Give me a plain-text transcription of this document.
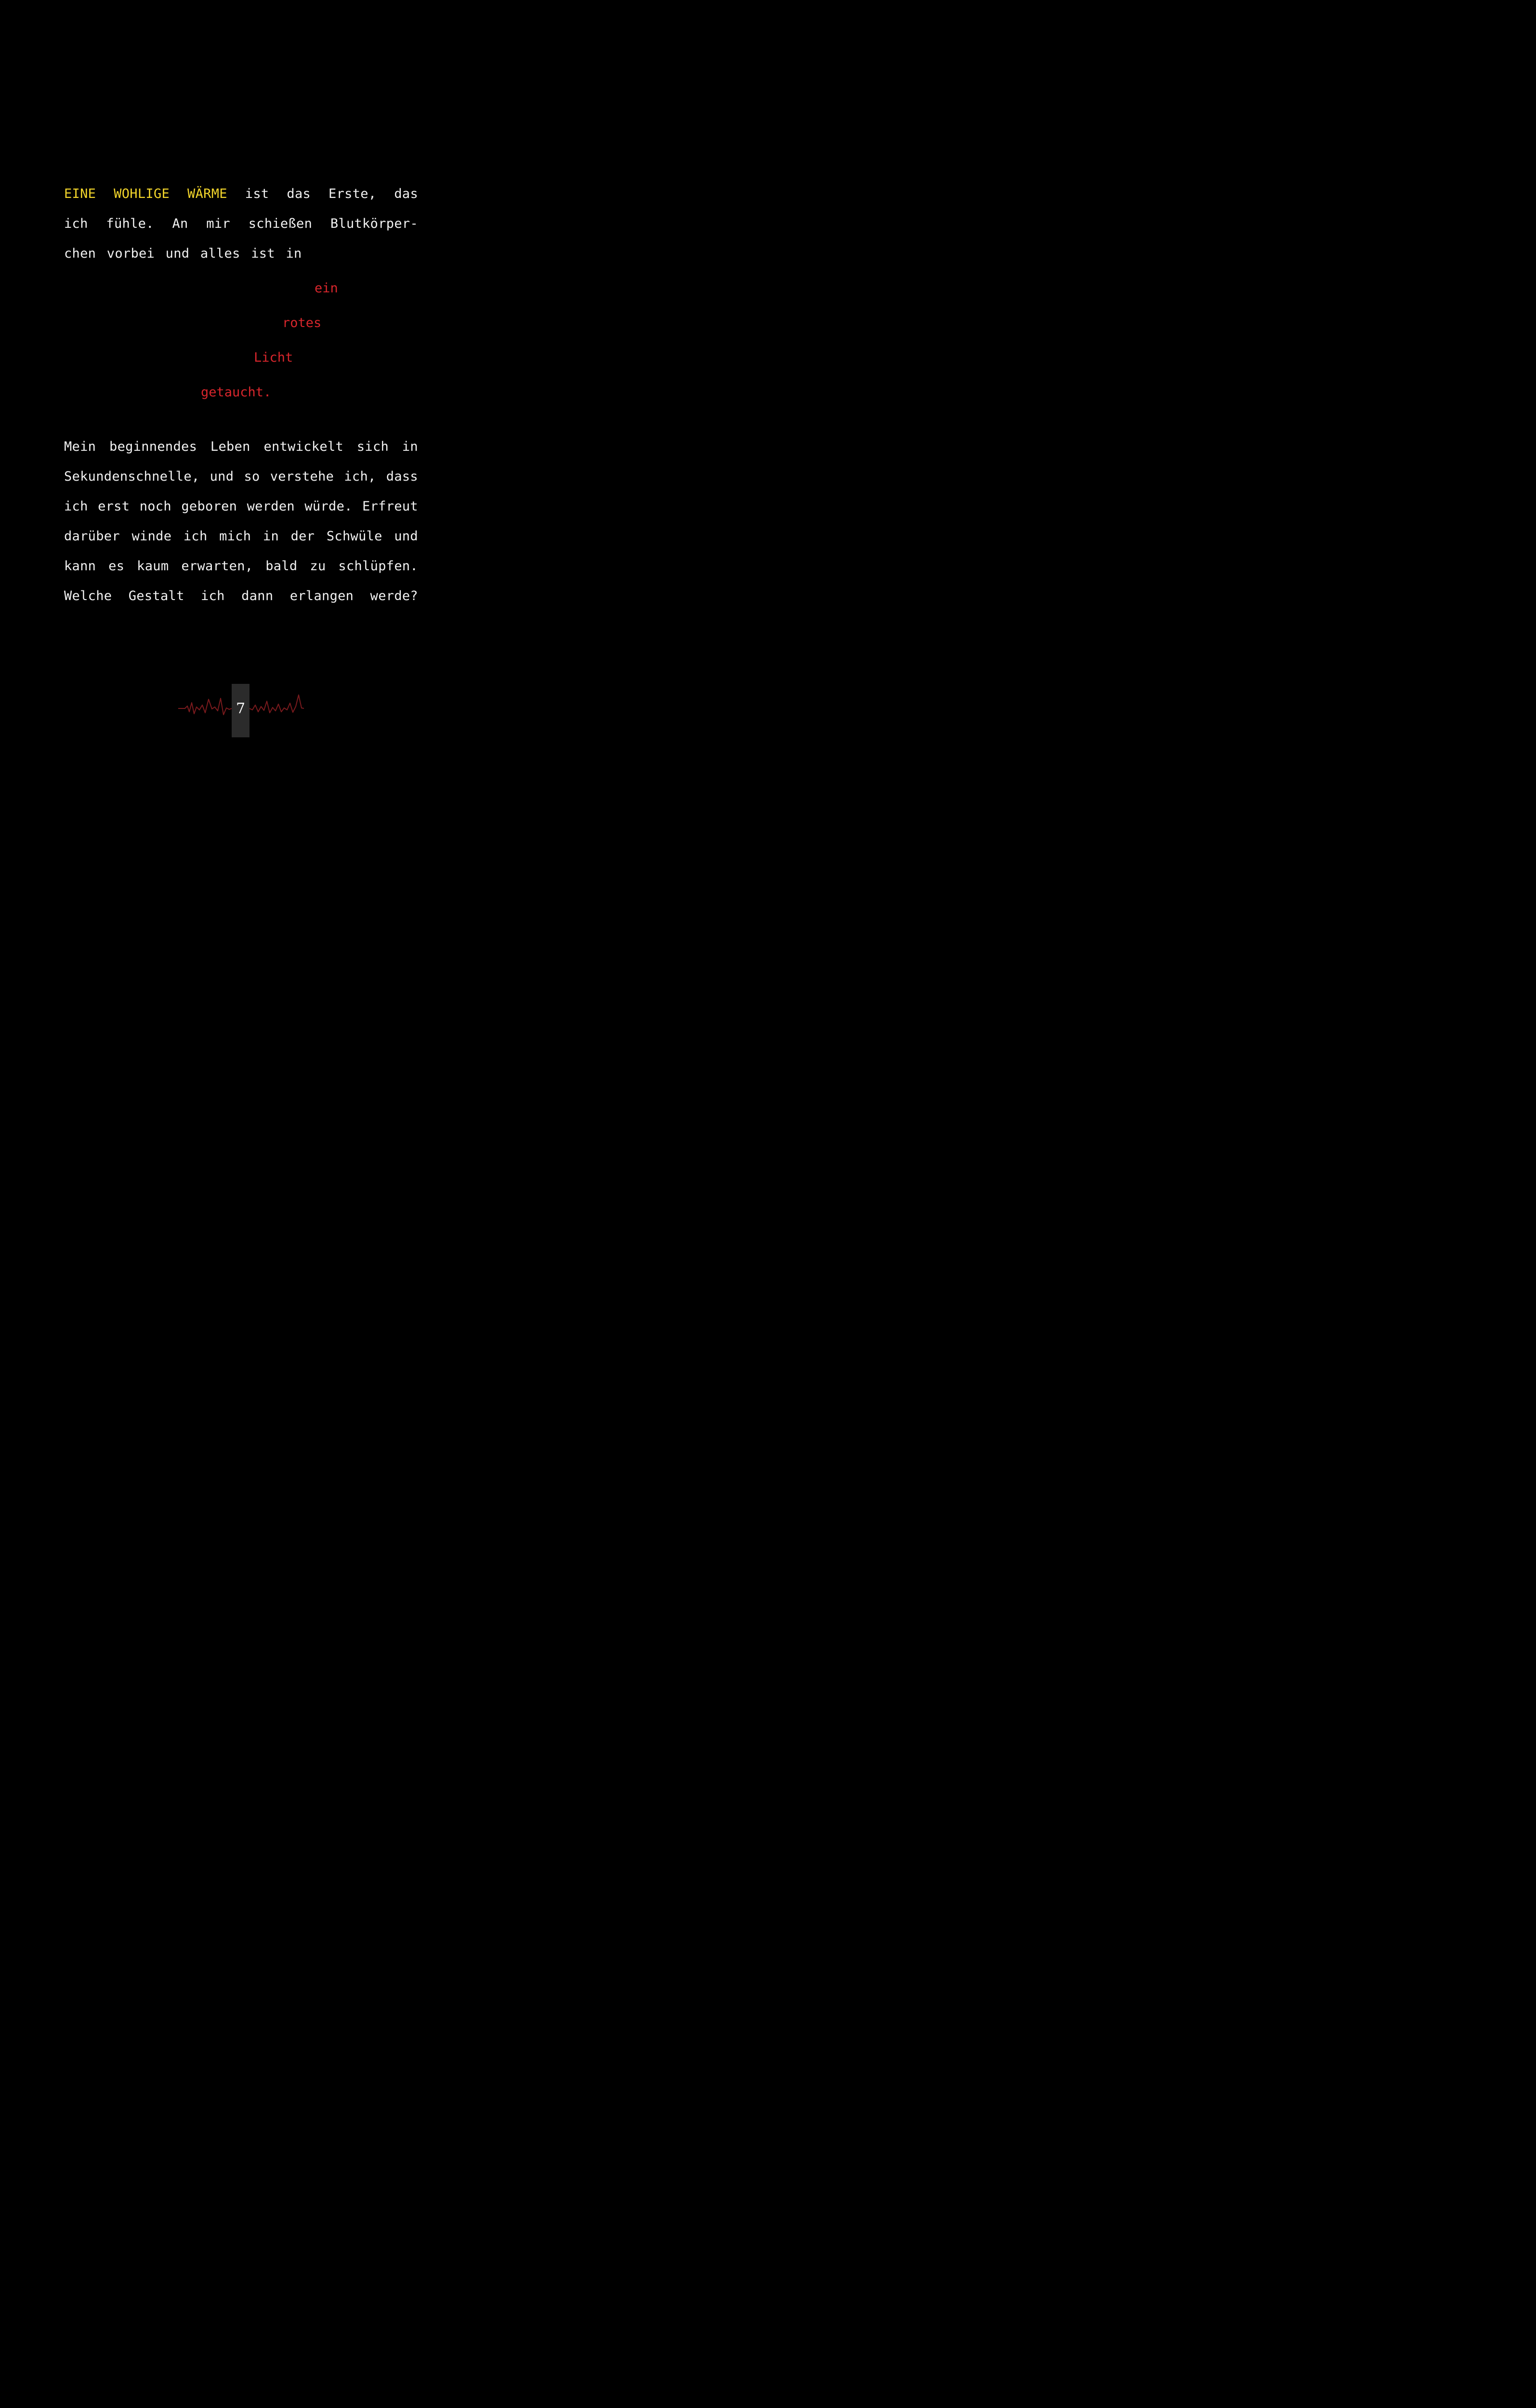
EINE WOHLIGE WÄRME ist das Erste, das
ich fühle. An mir schießen Blutkörper-
chen vorbei und alles ist in
ein
rotes
Licht
getaucht.
Mein beginnendes Leben entwickelt sich in
Sekundenschnelle, und so verstehe ich, dass
ich erst noch geboren werden würde. Erfreut
darüber winde ich mich in der Schwüle und
kann es kaum erwarten, bald zu schlüpfen.
Welche Gestalt ich dann erlangen werde?
7
